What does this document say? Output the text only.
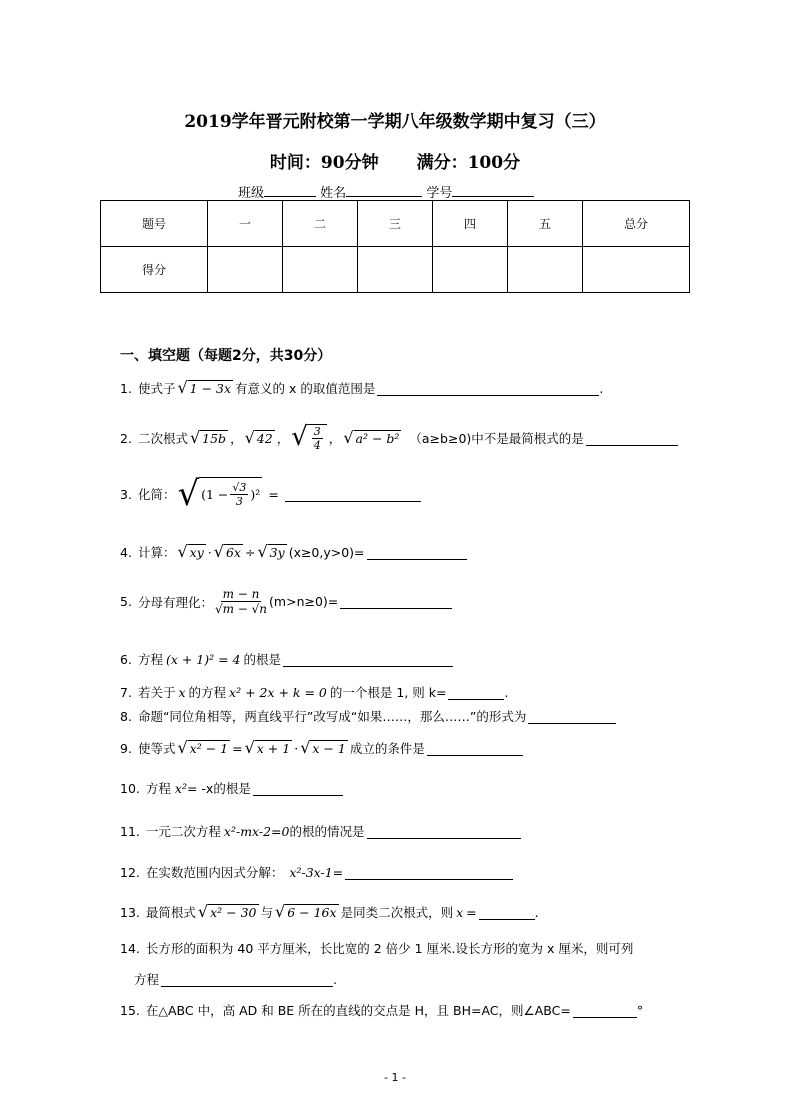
2019学年晋元附校第一学期八年级数学期中复习（三）
时间：90分钟 满分：100分
班级	姓名	学号
题号	一	二	三	四	五	总分
得分						
一、填空题（每题2分，共30分）
1. 使式子 √ 1 − 3x 有意义的 x 的取值范围是	.
2. 二次根式 √ 15b ， √ 42 ， √ $\frac{3}{4}$ ， √ a² − b² （a≥b≥0)中不是最简根式的是
3. 化简： √ $(1 - \frac{√3}{3} )^2$ =
4. 计算： √ xy · √ 6x ÷ √ 3y (x≥0,y>0)=
5. 分母有理化： $\frac{m - n}{√m - √n} (m>n\ge 0)=$
6. 方程 (x + 1)² = 4 的根是
7. 若关于 x 的方程 x² + 2x + k = 0 的一个根是 1, 则 k=	.
8. 命题“同位角相等，两直线平行”改写成“如果……，那么……”的形式为
9. 使等式 √ x² − 1 = √ x + 1 · √ x − 1 成立的条件是
10. 方程 x² = -x的根是
11. 一元二次方程 x²-mx-2=0 的根的情况是
12. 在实数范围内因式分解： x²-3x-1=
13. 最简根式 √ x² − 30 与 √ 6 − 16x 是同类二次根式，则 x =	.
14. 长方形的面积为 40 平方厘米，长比宽的 2 倍少 1 厘米.设长方形的宽为 x 厘米，则可列
方程	.
15. 在△ABC 中，高 AD 和 BE 所在的直线的交点是 H，且 BH=AC，则∠ABC=	°
- 1 -
